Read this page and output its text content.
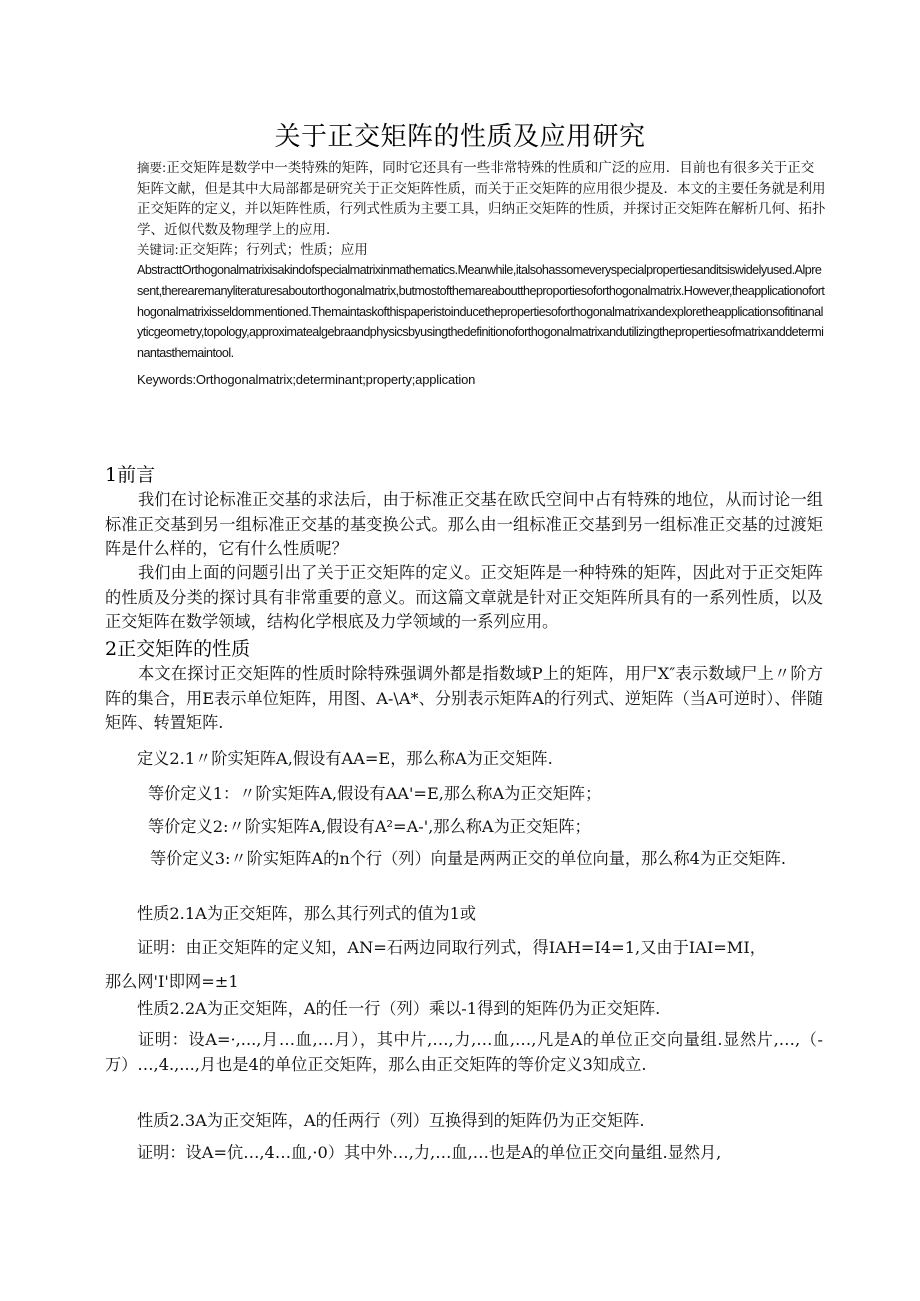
关于正交矩阵的性质及应用研究
摘要:正交矩阵是数学中一类特殊的矩阵，同时它还具有一些非常特殊的性质和广泛的应用．目前也有很多关于正交矩阵文献，但是其中大局部都是研究关于正交矩阵性质，而关于正交矩阵的应用很少提及．本文的主要任务就是利用正交矩阵的定义，并以矩阵性质，行列式性质为主要工具，归纳正交矩阵的性质，并探讨正交矩阵在解析几何、拓扑学、近似代数及物理学上的应用．
关键词:正交矩阵；行列式；性质；应用
AbstracttOrthogonalmatrixisakindofspecialmatrixinmathematics.Meanwhile,italsohassomeveryspecialpropertiesanditsiswidelyused.Alpresent,therearemanyliteraturesaboutorthogonalmatrix,butmostofthemareabouttheproportiesoforthogonalmatrix.However,theapplicationoforthogonalmatrixisseldommentioned.Themaintaskofthispaperistoinducethepropertiesoforthogonalmatrixandexploretheapplicationsofitinanalyticgeometry,topology,approximatealgebraandphysicsbyusingthedefinitionoforthogonalmatrixandutilizingthepropertiesofmatrixanddeterminantasthemaintool.
Keywords:Orthogonalmatrix;determinant;property;application
1前言
我们在讨论标准正交基的求法后，由于标准正交基在欧氏空间中占有特殊的地位，从而讨论一组标准正交基到另一组标准正交基的基变换公式。那么由一组标准正交基到另一组标准正交基的过渡矩阵是什么样的，它有什么性质呢？
我们由上面的问题引出了关于正交矩阵的定义。正交矩阵是一种特殊的矩阵，因此对于正交矩阵的性质及分类的探讨具有非常重要的意义。而这篇文章就是针对正交矩阵所具有的一系列性质，以及正交矩阵在数学领域，结构化学根底及力学领域的一系列应用。
2正交矩阵的性质
本文在探讨正交矩阵的性质时除特殊强调外都是指数域P上的矩阵，用尸X″表示数域尸上〃阶方阵的集合，用E表示单位矩阵，用图、A-\A*、分别表示矩阵A的行列式、逆矩阵（当A可逆时）、伴随矩阵、转置矩阵.
定义2.1〃阶实矩阵A,假设有AA=E，那么称A为正交矩阵.
等价定义1：〃阶实矩阵A,假设有AA'=E,那么称A为正交矩阵；
等价定义2:〃阶实矩阵A,假设有A²=A-',那么称A为正交矩阵；
等价定义3:〃阶实矩阵A的n个行（列）向量是两两正交的单位向量，那么称4为正交矩阵.
性质2.1A为正交矩阵，那么其行列式的值为1或
证明：由正交矩阵的定义知，AN=石两边同取行列式，得IAH=I4=1,又由于IAI=MI，
那么网'I'即网=±1
性质2.2A为正交矩阵，A的任一行（列）乘以-1得到的矩阵仍为正交矩阵.
证明：设A=·,...,月…血,…月），其中片,…,力,…血,…,凡是A的单位正交向量组.显然片,…,（-万）…,4.,...,月也是4的单位正交矩阵，那么由正交矩阵的等价定义3知成立.
性质2.3A为正交矩阵，A的任两行（列）互换得到的矩阵仍为正交矩阵.
证明：设A=伉…,4…血,·0）其中外…,力,…血,…也是A的单位正交向量组.显然月,
